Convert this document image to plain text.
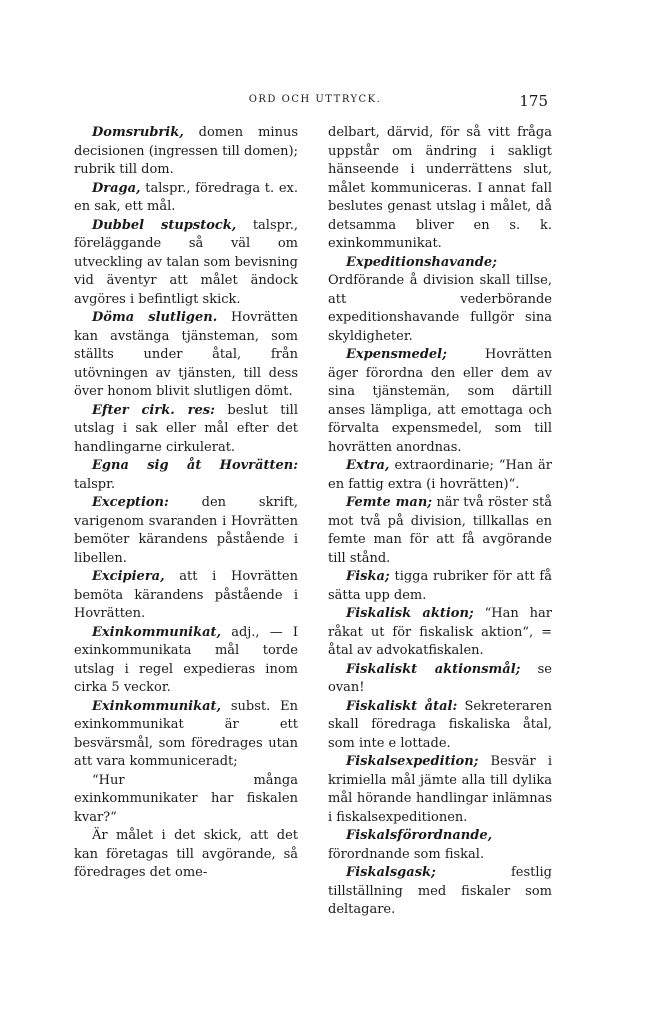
ORD OCH UTTRYCK.	175

Domsrubrik, domen minus decisionen (ingressen till domen); rubrik till dom.

Draga, talspr., föredraga t. ex. en sak, ett mål.

Dubbel stupstock, talspr., föreläggande så väl om utveckling av talan som bevisning vid äventyr att målet ändock avgöres i befintligt skick.

Döma slutligen. Hovrätten kan avstänga tjänsteman, som ställts under åtal, från utövningen av tjänsten, till dess över honom blivit slutligen dömt.

Efter cirk. res: beslut till utslag i sak eller mål efter det handlingarne cirkulerat.

Egna sig åt Hovrätten: talspr.

Exception: den skrift, varigenom svaranden i Hovrätten bemöter kärandens påstående i libellen.

Excipiera, att i Hovrätten bemöta kärandens påstående i Hovrätten.

Exinkommunikat, adj., — I exinkommunikata mål torde utslag i regel expedieras inom cirka 5 veckor.

Exinkommunikat, subst. En exinkommunikat är ett besvärsmål, som föredrages utan att vara kommuniceradt;

“Hur många exinkommunikater har fiskalen kvar?“

Är målet i det skick, att det kan företagas till avgörande, så föredrages det ome-

delbart, därvid, för så vitt fråga uppstår om ändring i sakligt hänseende i underrättens slut, målet kommuniceras. I annat fall beslutes genast utslag i målet, då detsamma bliver en s. k. exinkommunikat.

Expeditionshavande; Ordförande å division skall tillse, att vederbörande expeditionshavande fullgör sina skyldigheter.

Expensmedel; Hovrätten äger förordna den eller dem av sina tjänstemän, som därtill anses lämpliga, att emottaga och förvalta expensmedel, som till hovrätten anordnas.

Extra, extraordinarie; “Han är en fattig extra (i hovrätten)“.

Femte man; när två röster stå mot två på division, tillkallas en femte man för att få avgörande till stånd.

Fiska; tigga rubriker för att få sätta upp dem.

Fiskalisk aktion; “Han har råkat ut för fiskalisk aktion“, = åtal av advokatfiskalen.

Fiskaliskt aktionsmål; se ovan!

Fiskaliskt åtal: Sekreteraren skall föredraga fiskaliska åtal, som inte e lottade.

Fiskalsexpedition; Besvär i krimiella mål jämte alla till dylika mål hörande handlingar inlämnas i fiskalsexpeditionen.

Fiskalsförordnande, förordnande som fiskal.

Fiskalsgask; festlig tillställning med fiskaler som deltagare.
